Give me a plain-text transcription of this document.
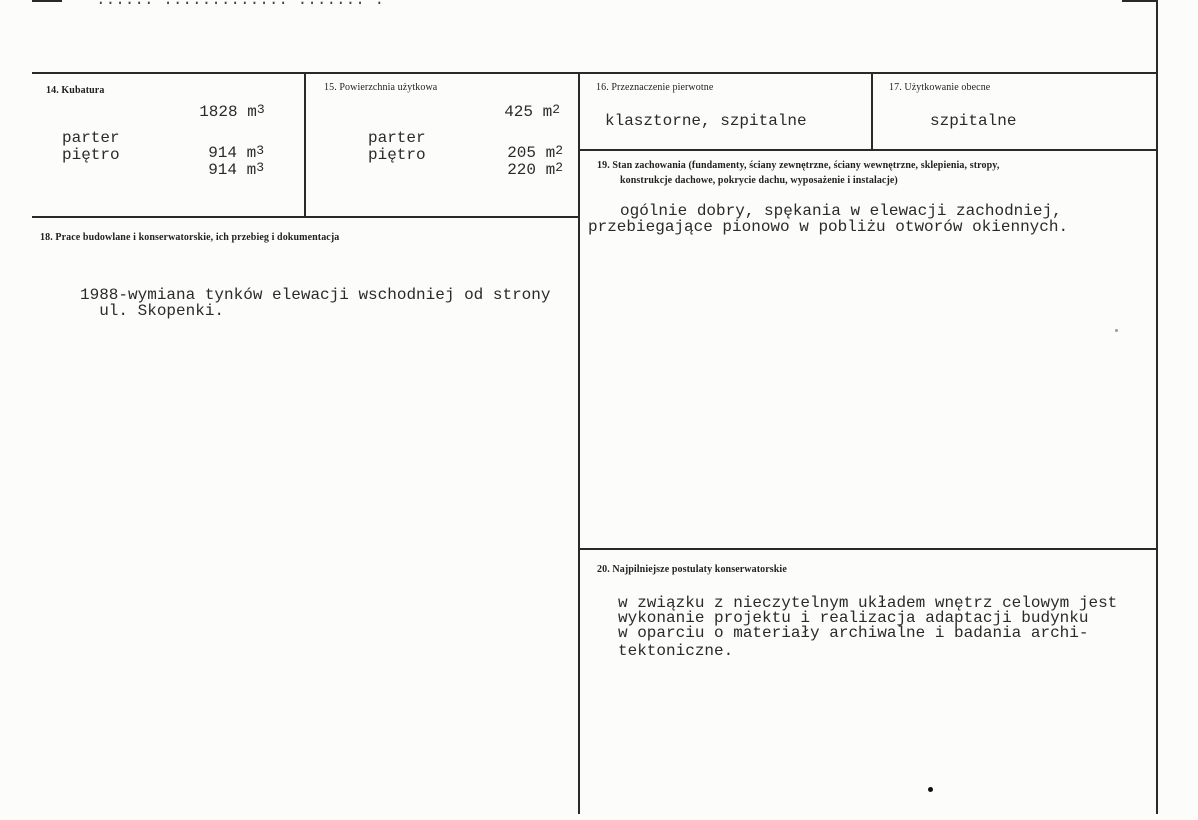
...... ............. ....... .
14. Kubatura

1828 $m^3$

parter

914 $m^3$

piętro

914 $m^3$

15. Powierzchnia użytkowa

425 $m^2$

parter

205 $m^2$

piętro

220 $m^2$

16. Przeznaczenie pierwotne
klasztorne, szpitalne
17. Użytkowanie obecne
szpitalne
18. Prace budowlane i konserwatorskie, ich przebieg i dokumentacja
1988-wymiana tynków elewacji wschodniej od strony
ul. Skopenki.
19. Stan zachowania (fundamenty, ściany zewnętrzne, ściany wewnętrzne, sklepienia, stropy,
konstrukcje dachowe, pokrycie dachu, wyposażenie i instalacje)
ogólnie dobry, spękania w elewacji zachodniej,
przebiegające pionowo w pobliżu otworów okiennych.
20. Najpilniejsze postulaty konserwatorskie
w związku z nieczytelnym układem wnętrz celowym jest
wykonanie projektu i realizacja adaptacji budynku
w oparciu o materiały archiwalne i badania archi-
tektoniczne.
